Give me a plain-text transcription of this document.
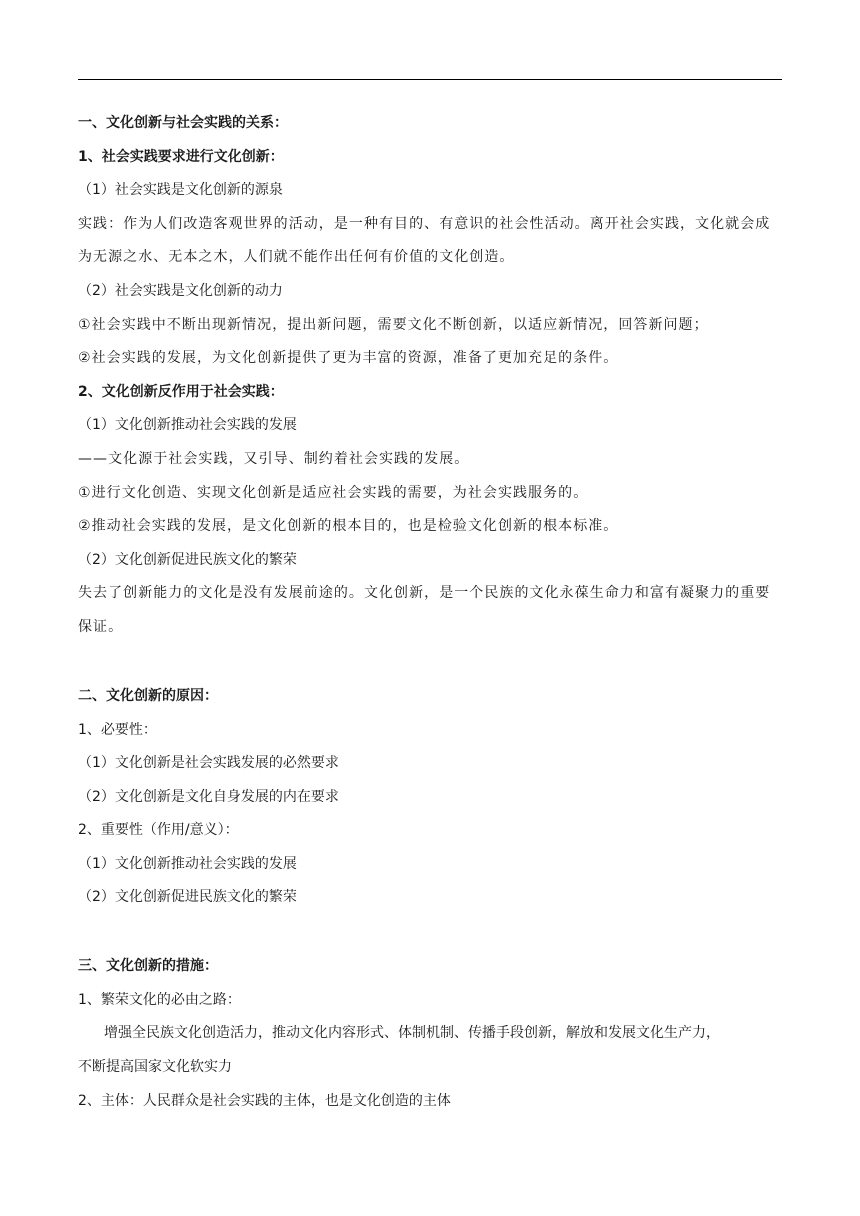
一、文化创新与社会实践的关系：
1、社会实践要求进行文化创新：
（1）社会实践是文化创新的源泉
实践：作为人们改造客观世界的活动，是一种有目的、有意识的社会性活动。离开社会实践，文化就会成
为无源之水、无本之木，人们就不能作出任何有价值的文化创造。
（2）社会实践是文化创新的动力
①社会实践中不断出现新情况，提出新问题，需要文化不断创新，以适应新情况，回答新问题；
②社会实践的发展，为文化创新提供了更为丰富的资源，准备了更加充足的条件。
2、文化创新反作用于社会实践：
（1）文化创新推动社会实践的发展
——文化源于社会实践，又引导、制约着社会实践的发展。
①进行文化创造、实现文化创新是适应社会实践的需要，为社会实践服务的。
②推动社会实践的发展，是文化创新的根本目的，也是检验文化创新的根本标准。
（2）文化创新促进民族文化的繁荣
失去了创新能力的文化是没有发展前途的。文化创新，是一个民族的文化永葆生命力和富有凝聚力的重要
保证。
二、文化创新的原因：
1、必要性：
（1）文化创新是社会实践发展的必然要求
（2）文化创新是文化自身发展的内在要求
2、重要性（作用/意义）：
（1）文化创新推动社会实践的发展
（2）文化创新促进民族文化的繁荣
三、文化创新的措施：
1、繁荣文化的必由之路：
增强全民族文化创造活力，推动文化内容形式、体制机制、传播手段创新，解放和发展文化生产力，
不断提高国家文化软实力
2、主体：人民群众是社会实践的主体，也是文化创造的主体
